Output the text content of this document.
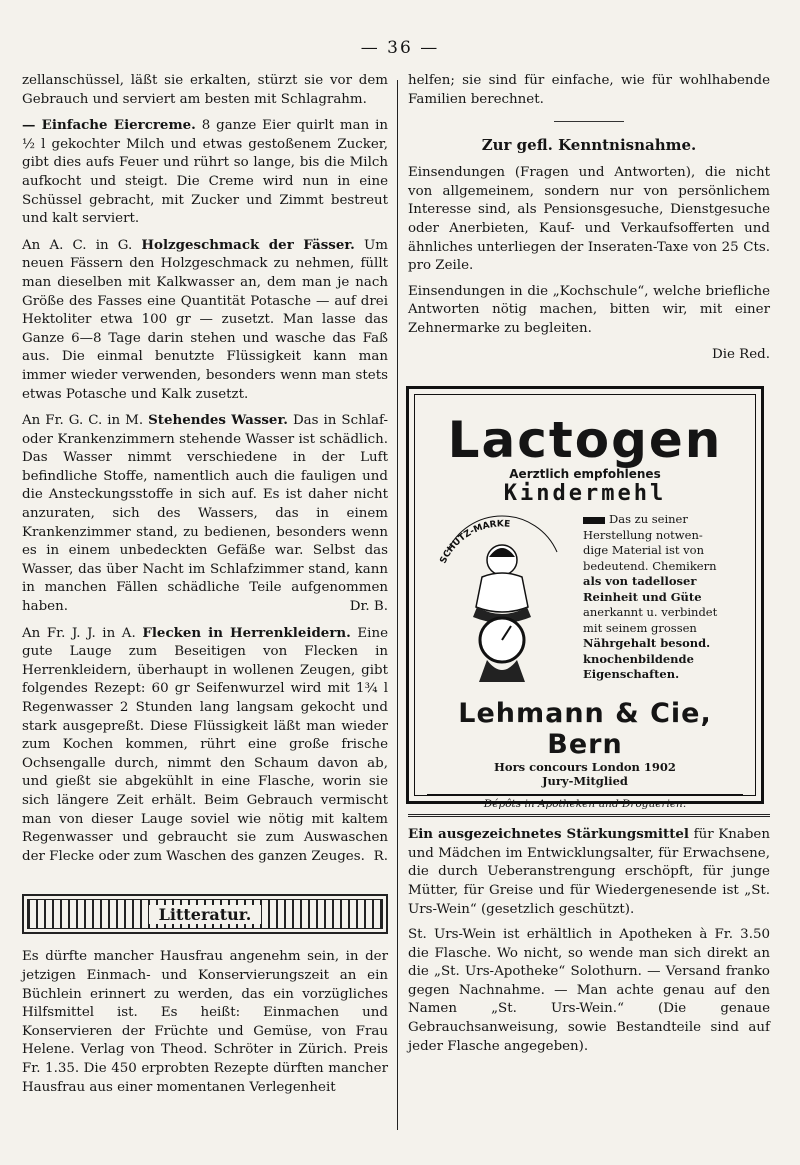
— 36 —

zellanschüssel, läßt sie erkalten, stürzt sie vor dem Gebrauch und serviert am besten mit Schlagrahm.

— Einfache Eiercreme. 8 ganze Eier quirlt man in ½ l gekochter Milch und etwas gestoßenem Zucker, gibt dies aufs Feuer und rührt so lange, bis die Milch aufkocht und steigt. Die Creme wird nun in eine Schüssel gebracht, mit Zucker und Zimmt bestreut und kalt serviert.

An A. C. in G. Holzgeschmack der Fässer. Um neuen Fässern den Holzgeschmack zu nehmen, füllt man dieselben mit Kalkwasser an, dem man je nach Größe des Fasses eine Quantität Potasche — auf drei Hektoliter etwa 100 gr — zusetzt. Man lasse das Ganze 6—8 Tage darin stehen und wasche das Faß aus. Die einmal benutzte Flüssigkeit kann man immer wieder verwenden, besonders wenn man stets etwas Potasche und Kalk zusetzt.

An Fr. G. C. in M. Stehendes Wasser. Das in Schlaf- oder Krankenzimmern stehende Wasser ist schädlich. Das Wasser nimmt verschiedene in der Luft befindliche Stoffe, namentlich auch die fauligen und die Ansteckungsstoffe in sich auf. Es ist daher nicht anzuraten, sich des Wassers, das in einem Krankenzimmer stand, zu bedienen, besonders wenn es in einem unbedeckten Gefäße war. Selbst das Wasser, das über Nacht im Schlafzimmer stand, kann in manchen Fällen schädliche Teile aufgenommen haben.	Dr. B.

An Fr. J. J. in A. Flecken in Herrenkleidern. Eine gute Lauge zum Beseitigen von Flecken in Herrenkleidern, überhaupt in wollenen Zeugen, gibt folgendes Rezept: 60 gr Seifenwurzel wird mit 1¾ l Regenwasser 2 Stunden lang langsam gekocht und stark ausgepreßt. Diese Flüssigkeit läßt man wieder zum Kochen kommen, rührt eine große frische Ochsengalle durch, nimmt den Schaum davon ab, und gießt sie abgekühlt in eine Flasche, worin sie sich längere Zeit erhält. Beim Gebrauch vermischt man von dieser Lauge soviel wie nötig mit kaltem Regenwasser und gebraucht sie zum Auswaschen der Flecke oder zum Waschen des ganzen Zeuges. R.

Litteratur.

Es dürfte mancher Hausfrau angenehm sein, in der jetzigen Einmach- und Konservierungszeit an ein Büchlein erinnert zu werden, das ein vorzügliches Hilfsmittel ist. Es heißt: Einmachen und Konservieren der Früchte und Gemüse, von Frau Helene. Verlag von Theod. Schröter in Zürich. Preis Fr. 1.35. Die 450 erprobten Rezepte dürften mancher Hausfrau aus einer momentanen Verlegenheit

helfen; sie sind für einfache, wie für wohlhabende Familien berechnet.

Zur gefl. Kenntnisnahme.

Einsendungen (Fragen und Antworten), die nicht von allgemeinem, sondern nur von persönlichem Interesse sind, als Pensionsgesuche, Dienstgesuche oder Anerbieten, Kauf- und Verkaufsofferten und ähnliches unterliegen der Inseraten-Taxe von 25 Cts. pro Zeile.

Einsendungen in die „Kochschule“, welche briefliche Antworten nötig machen, bitten wir, mit einer Zehnermarke zu begleiten.

Die Red.

Lactogen
Aerztlich empfohlenes
Kindermehl
SCHUTZ-MARKE	Das zu seiner
Herstellung notwen-
dige Material ist von
bedeutend. Chemikern
als von tadelloser
Reinheit und Güte
anerkannt u. verbindet
mit seinem grossen
Nährgehalt besond.
knochenbildende
Eigenschaften.
Lehmann & Cie, Bern
Hors concours London 1902
Jury-Mitglied
Dépôts in Apotheken und Droguerien.

Ein ausgezeichnetes Stärkungsmittel für Knaben und Mädchen im Entwicklungsalter, für Erwachsene, die durch Ueberanstrengung erschöpft, für junge Mütter, für Greise und für Wiedergenesende ist „St. Urs-Wein“ (gesetzlich geschützt).

St. Urs-Wein ist erhältlich in Apotheken à Fr. 3.50 die Flasche. Wo nicht, so wende man sich direkt an die „St. Urs-Apotheke“ Solothurn. — Versand franko gegen Nachnahme. — Man achte genau auf den Namen „St. Urs-Wein.“ (Die genaue Gebrauchsanweisung, sowie Bestandteile sind auf jeder Flasche angegeben).
